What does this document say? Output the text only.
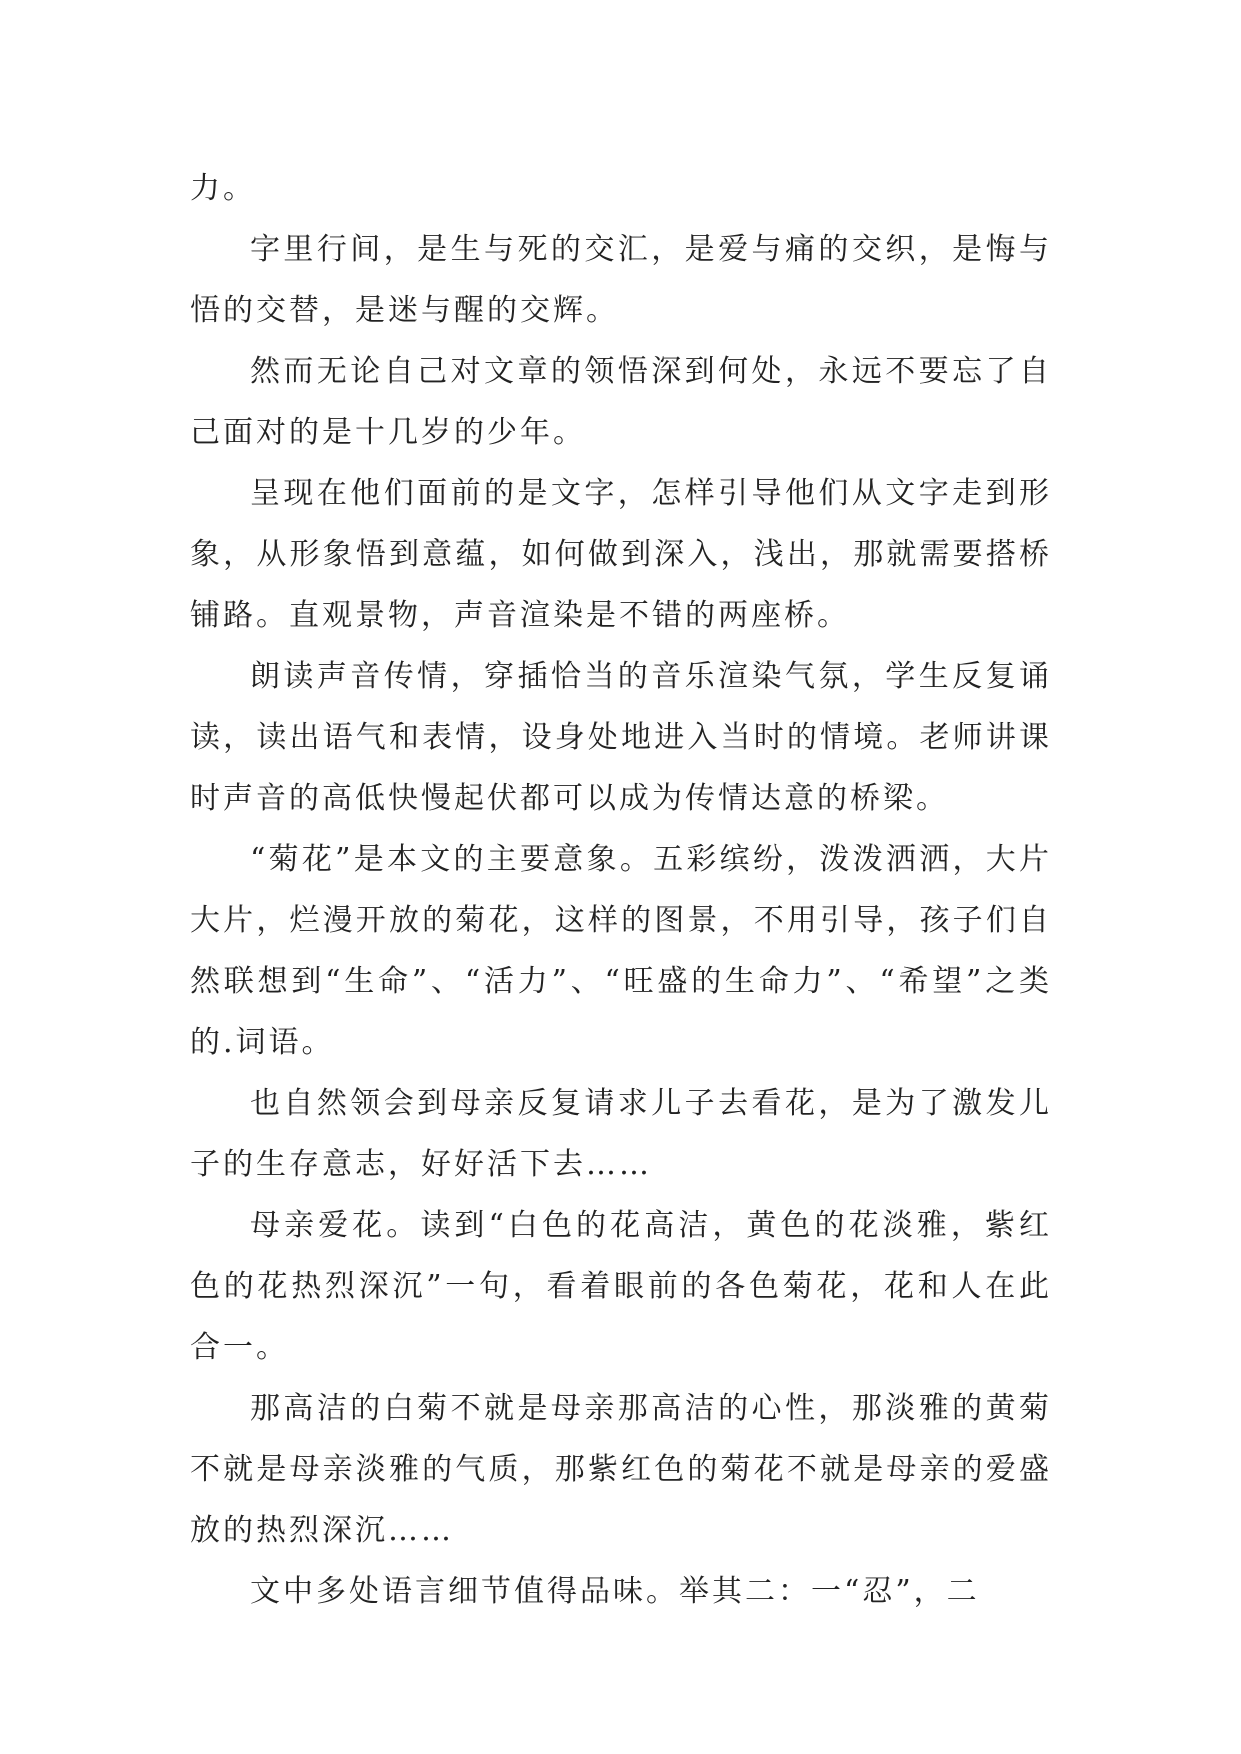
力。

字里行间，是生与死的交汇，是爱与痛的交织，是悔与悟的交替，是迷与醒的交辉。

然而无论自己对文章的领悟深到何处，永远不要忘了自己面对的是十几岁的少年。

呈现在他们面前的是文字，怎样引导他们从文字走到形象，从形象悟到意蕴，如何做到深入，浅出，那就需要搭桥铺路。直观景物，声音渲染是不错的两座桥。

朗读声音传情，穿插恰当的音乐渲染气氛，学生反复诵读，读出语气和表情，设身处地进入当时的情境。老师讲课时声音的高低快慢起伏都可以成为传情达意的桥梁。

“菊花”是本文的主要意象。五彩缤纷，泼泼洒洒，大片大片，烂漫开放的菊花，这样的图景，不用引导，孩子们自然联想到“生命”、“活力”、“旺盛的生命力”、“希望”之类的.词语。

也自然领会到母亲反复请求儿子去看花，是为了激发儿子的生存意志，好好活下去……

母亲爱花。读到“白色的花高洁，黄色的花淡雅，紫红色的花热烈深沉”一句，看着眼前的各色菊花，花和人在此合一。

那高洁的白菊不就是母亲那高洁的心性，那淡雅的黄菊不就是母亲淡雅的气质，那紫红色的菊花不就是母亲的爱盛放的热烈深沉……

文中多处语言细节值得品味。举其二：一“忍”，二
